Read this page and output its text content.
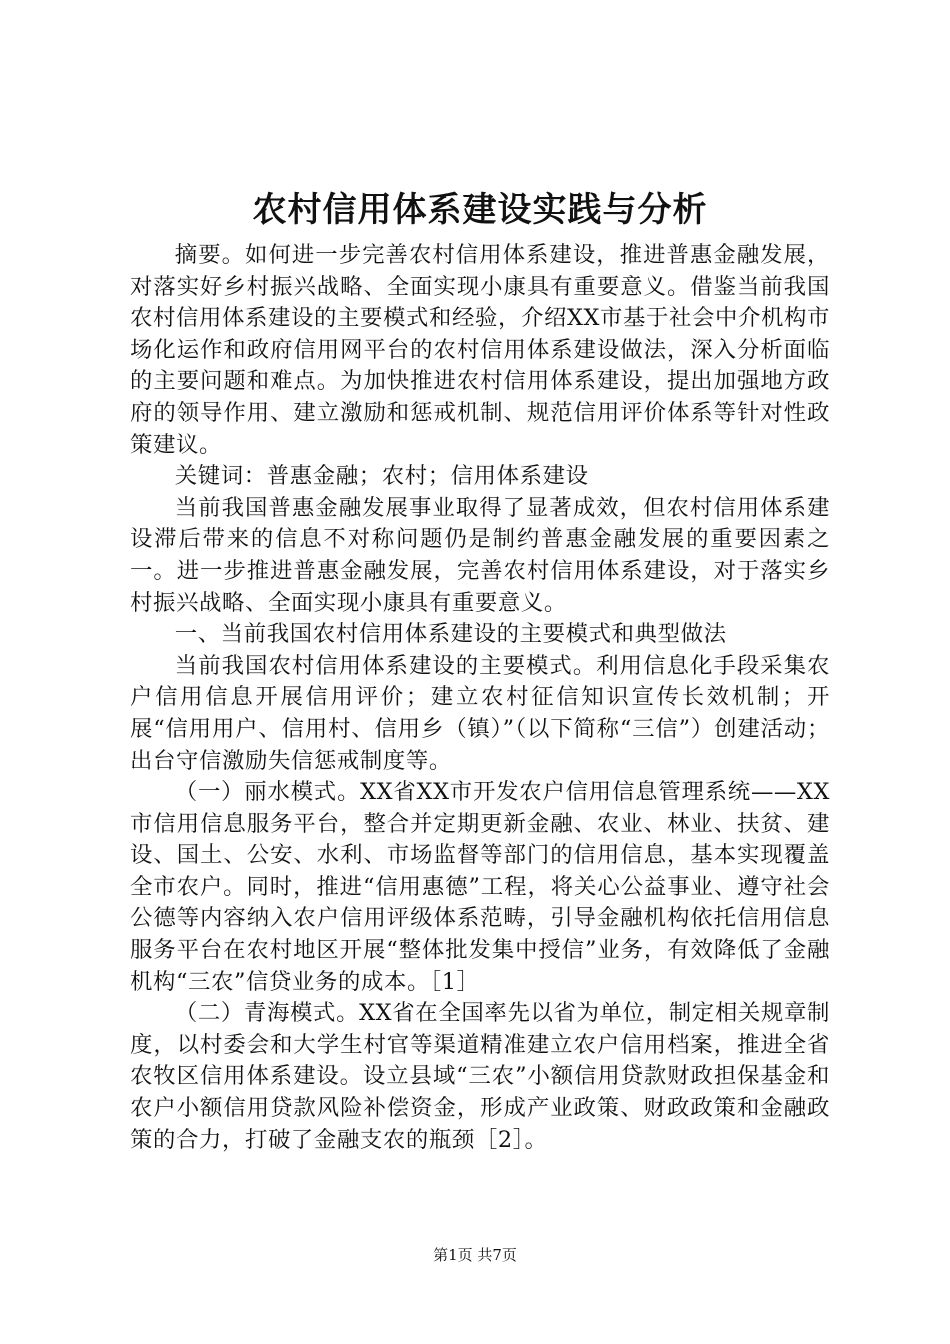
农村信用体系建设实践与分析

摘要。如何进一步完善农村信用体系建设，推进普惠金融发展，对落实好乡村振兴战略、全面实现小康具有重要意义。借鉴当前我国农村信用体系建设的主要模式和经验，介绍XX市基于社会中介机构市场化运作和政府信用网平台的农村信用体系建设做法，深入分析面临的主要问题和难点。为加快推进农村信用体系建设，提出加强地方政府的领导作用、建立激励和惩戒机制、规范信用评价体系等针对性政策建议。

关键词：普惠金融；农村；信用体系建设

当前我国普惠金融发展事业取得了显著成效，但农村信用体系建设滞后带来的信息不对称问题仍是制约普惠金融发展的重要因素之一。进一步推进普惠金融发展，完善农村信用体系建设，对于落实乡村振兴战略、全面实现小康具有重要意义。

一、当前我国农村信用体系建设的主要模式和典型做法

当前我国农村信用体系建设的主要模式。利用信息化手段采集农户信用信息开展信用评价；建立农村征信知识宣传长效机制；开展“信用用户、信用村、信用乡（镇）”（以下简称“三信”）创建活动；出台守信激励失信惩戒制度等。

（一）丽水模式。XX省XX市开发农户信用信息管理系统——XX市信用信息服务平台，整合并定期更新金融、农业、林业、扶贫、建设、国土、公安、水利、市场监督等部门的信用信息，基本实现覆盖全市农户。同时，推进“信用惠德”工程，将关心公益事业、遵守社会公德等内容纳入农户信用评级体系范畴，引导金融机构依托信用信息服务平台在农村地区开展“整体批发集中授信”业务，有效降低了金融机构“三农”信贷业务的成本。［1］

（二）青海模式。XX省在全国率先以省为单位，制定相关规章制度，以村委会和大学生村官等渠道精准建立农户信用档案，推进全省农牧区信用体系建设。设立县域“三农”小额信用贷款财政担保基金和农户小额信用贷款风险补偿资金，形成产业政策、财政政策和金融政策的合力，打破了金融支农的瓶颈［2］。

第1页 共7页
